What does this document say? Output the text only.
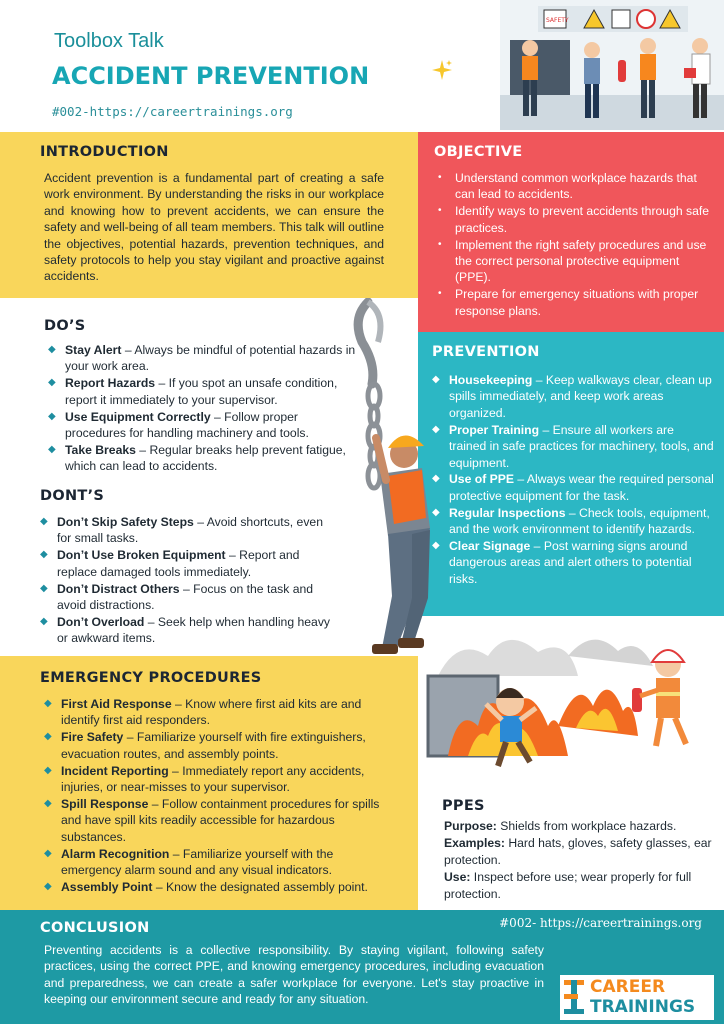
Toolbox Talk
ACCIDENT PREVENTION
#002-https://careertrainings.org
SAFETY
INTRODUCTION
Accident prevention is a fundamental part of creating a safe work environment. By understanding the risks in our workplace and knowing how to prevent accidents, we can ensure the safety and well-being of all team members. This talk will outline the objectives, potential hazards, prevention techniques, and safety protocols to help you stay vigilant and proactive against accidents.
OBJECTIVE
• Understand common workplace hazards that can lead to accidents.
• Identify ways to prevent accidents through safe practices.
• Implement the right safety procedures and use the correct personal protective equipment (PPE).
• Prepare for emergency situations with proper response plans.
DO’S
◆ Stay Alert – Always be mindful of potential hazards in your work area.
◆ Report Hazards – If you spot an unsafe condition, report it immediately to your supervisor.
◆ Use Equipment Correctly – Follow proper procedures for handling machinery and tools.
◆ Take Breaks – Regular breaks help prevent fatigue, which can lead to accidents.
DONT’S
◆ Don’t Skip Safety Steps – Avoid shortcuts, even for small tasks.
◆ Don’t Use Broken Equipment – Report and replace damaged tools immediately.
◆ Don’t Distract Others – Focus on the task and avoid distractions.
◆ Don’t Overload – Seek help when handling heavy or awkward items.
PREVENTION
◆ Housekeeping – Keep walkways clear, clean up spills immediately, and keep work areas organized.
◆ Proper Training – Ensure all workers are trained in safe practices for machinery, tools, and equipment.
◆ Use of PPE – Always wear the required personal protective equipment for the task.
◆ Regular Inspections – Check tools, equipment, and the work environment to identify hazards.
◆ Clear Signage – Post warning signs around dangerous areas and alert others to potential risks.
EMERGENCY PROCEDURES
◆ First Aid Response – Know where first aid kits are and identify first aid responders.
◆ Fire Safety – Familiarize yourself with fire extinguishers, evacuation routes, and assembly points.
◆ Incident Reporting – Immediately report any accidents, injuries, or near-misses to your supervisor.
◆ Spill Response – Follow containment procedures for spills and have spill kits readily accessible for hazardous substances.
◆ Alarm Recognition – Familiarize yourself with the emergency alarm sound and any visual indicators.
◆ Assembly Point – Know the designated assembly point.
PPES

Purpose: Shields from workplace hazards.

Examples: Hard hats, gloves, safety glasses, ear protection.

Use: Inspect before use; wear properly for full protection.

CONCLUSION
Preventing accidents is a collective responsibility. By staying vigilant, following safety practices, using the correct PPE, and knowing emergency procedures, including evacuation and preparedness, we can create a safer workplace for everyone. Let's stay proactive in keeping our environment secure and ready for any situation.
#002- https://careertrainings.org
CAREER
TRAININGS
